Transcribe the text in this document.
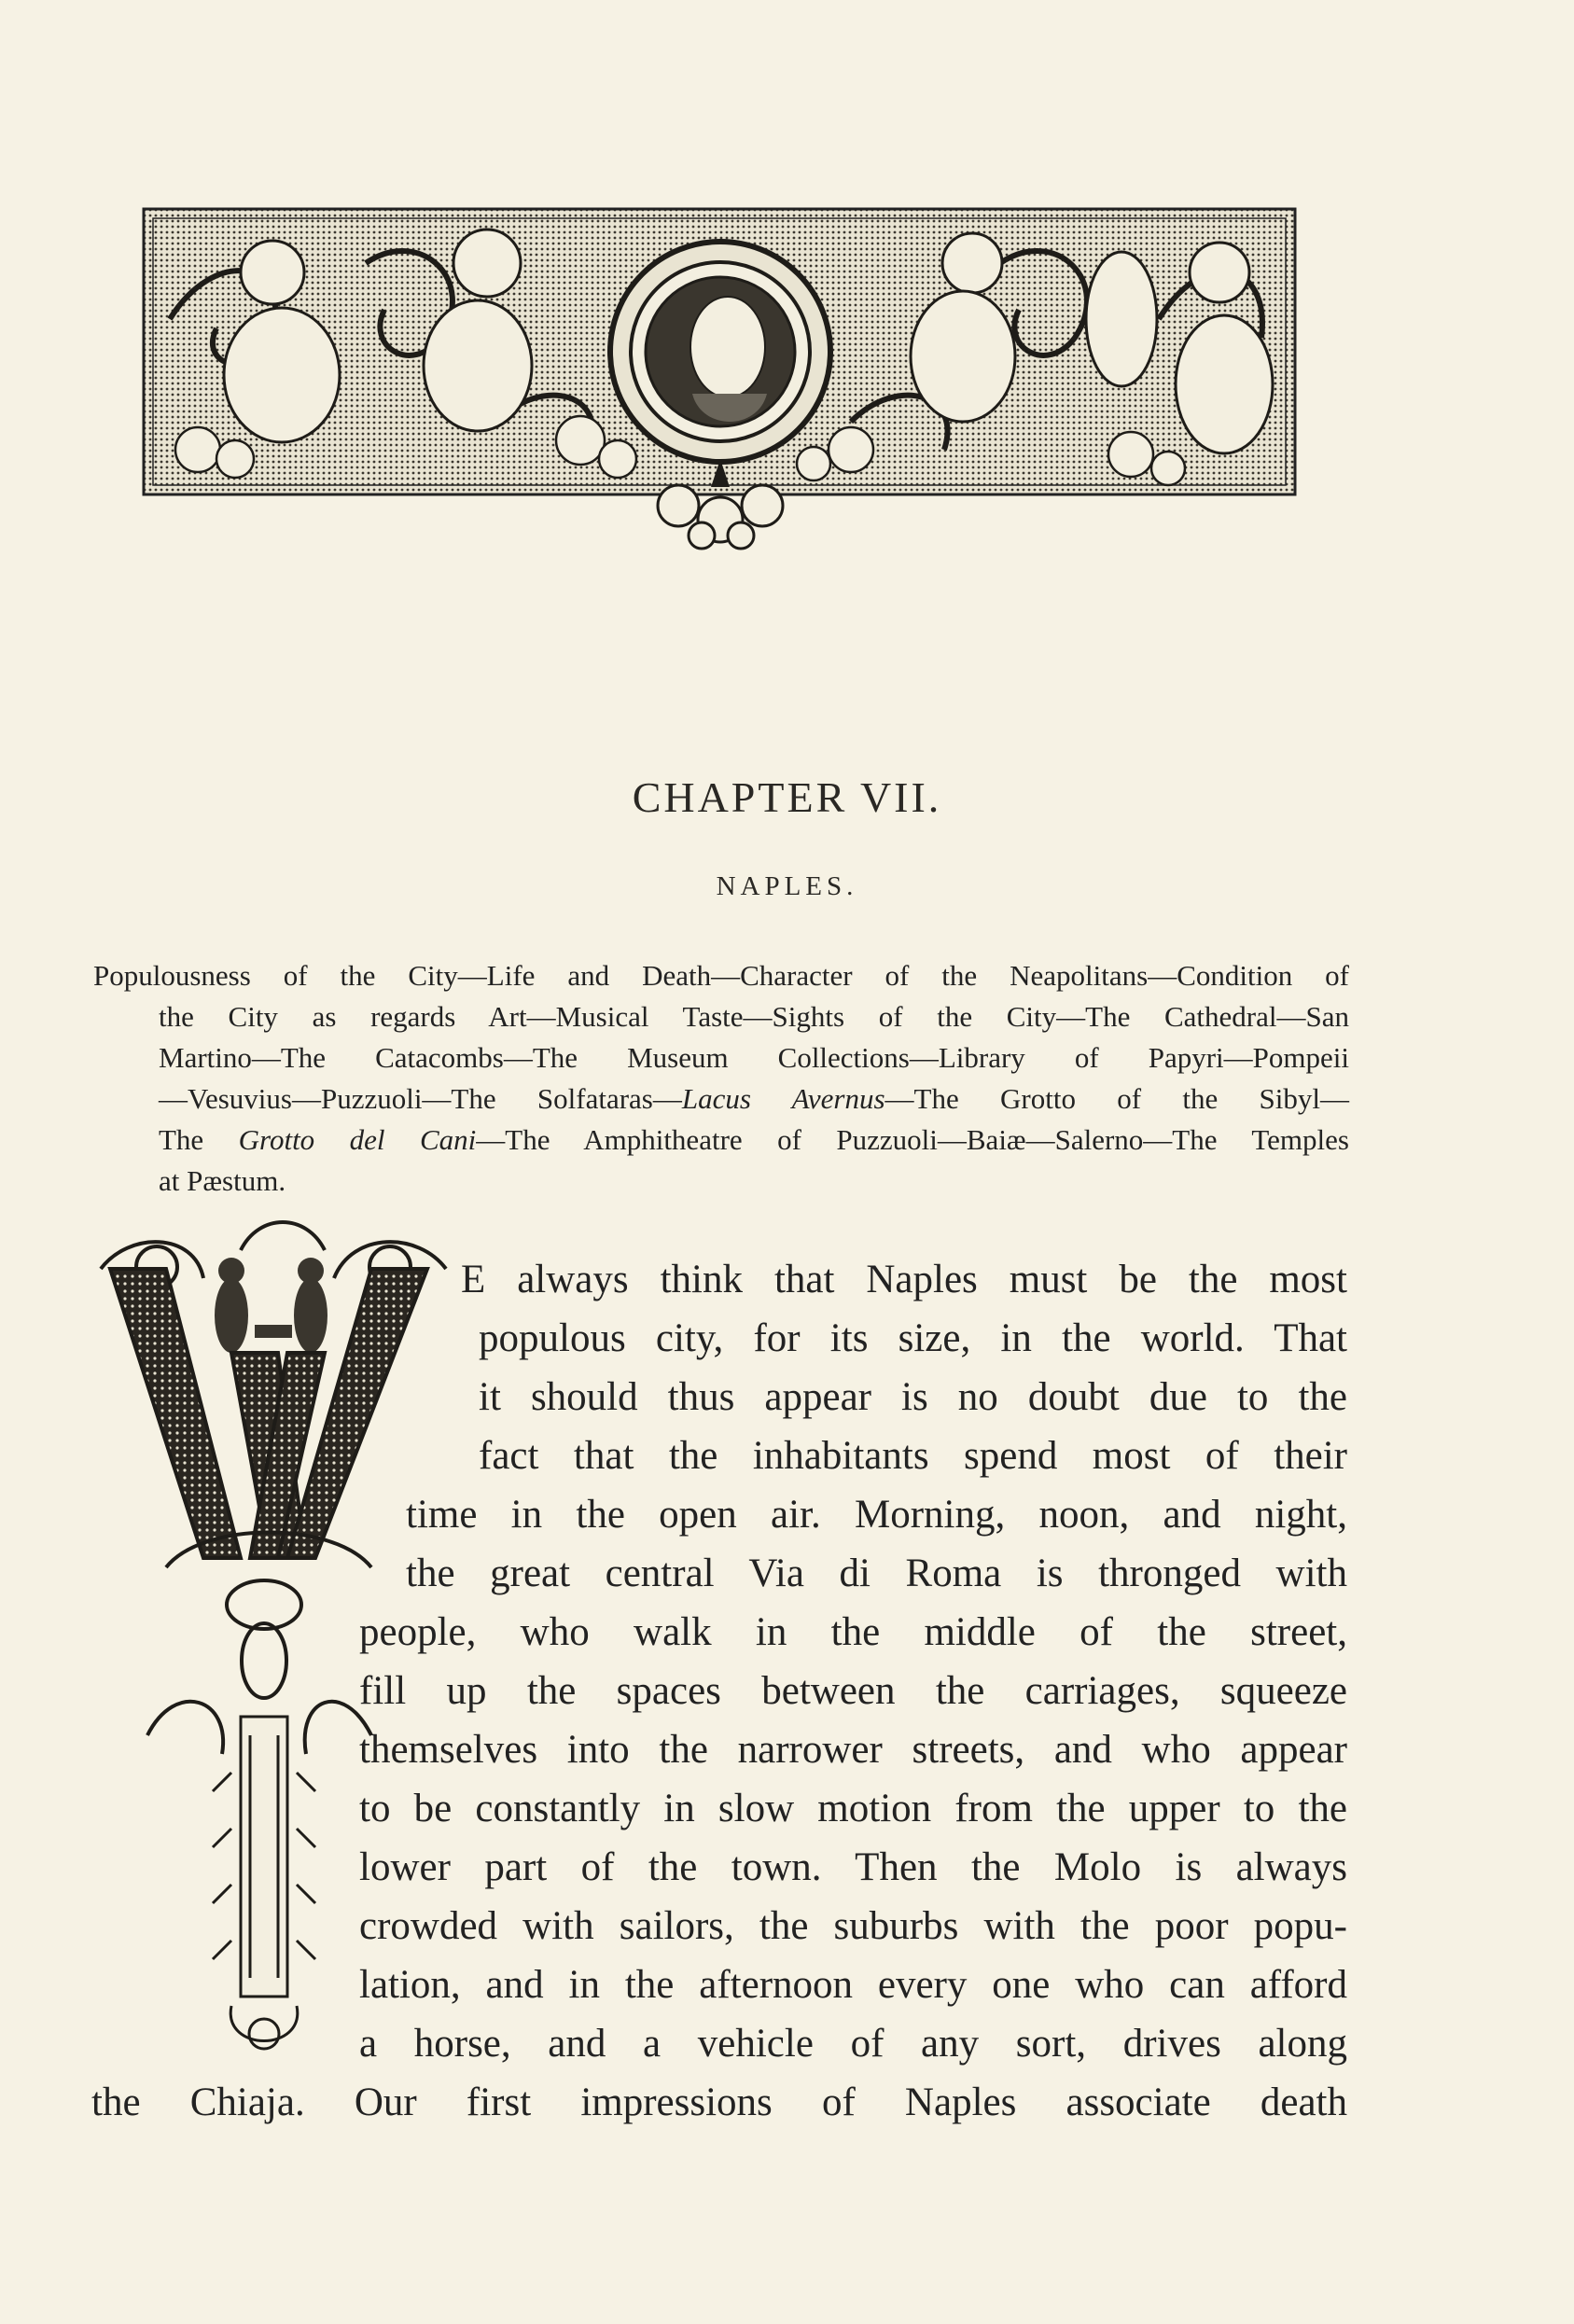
CHAPTER VII.
NAPLES.
Populousness of the City—Life and Death—Character of the Neapolitans—Condition of
the City as regards Art—Musical Taste—Sights of the City—The Cathedral—San
Martino—The Catacombs—The Museum Collections—Library of Papyri—Pompeii
—Vesuvius—Puzzuoli—The Solfataras—Lacus Avernus—The Grotto of the Sibyl—
The Grotto del Cani—The Amphitheatre of Puzzuoli—Baiæ—Salerno—The Temples
at Pæstum.
E always think that Naples must be the most
populous city, for its size, in the world. That
it should thus appear is no doubt due to the
fact that the inhabitants spend most of their
time in the open air. Morning, noon, and night,
the great central Via di Roma is thronged with
people, who walk in the middle of the street,
fill up the spaces between the carriages, squeeze
themselves into the narrower streets, and who appear
to be constantly in slow motion from the upper to the
lower part of the town. Then the Molo is always
crowded with sailors, the suburbs with the poor popu-
lation, and in the afternoon every one who can afford
a horse, and a vehicle of any sort, drives along
the Chiaja. Our first impressions of Naples associate death
